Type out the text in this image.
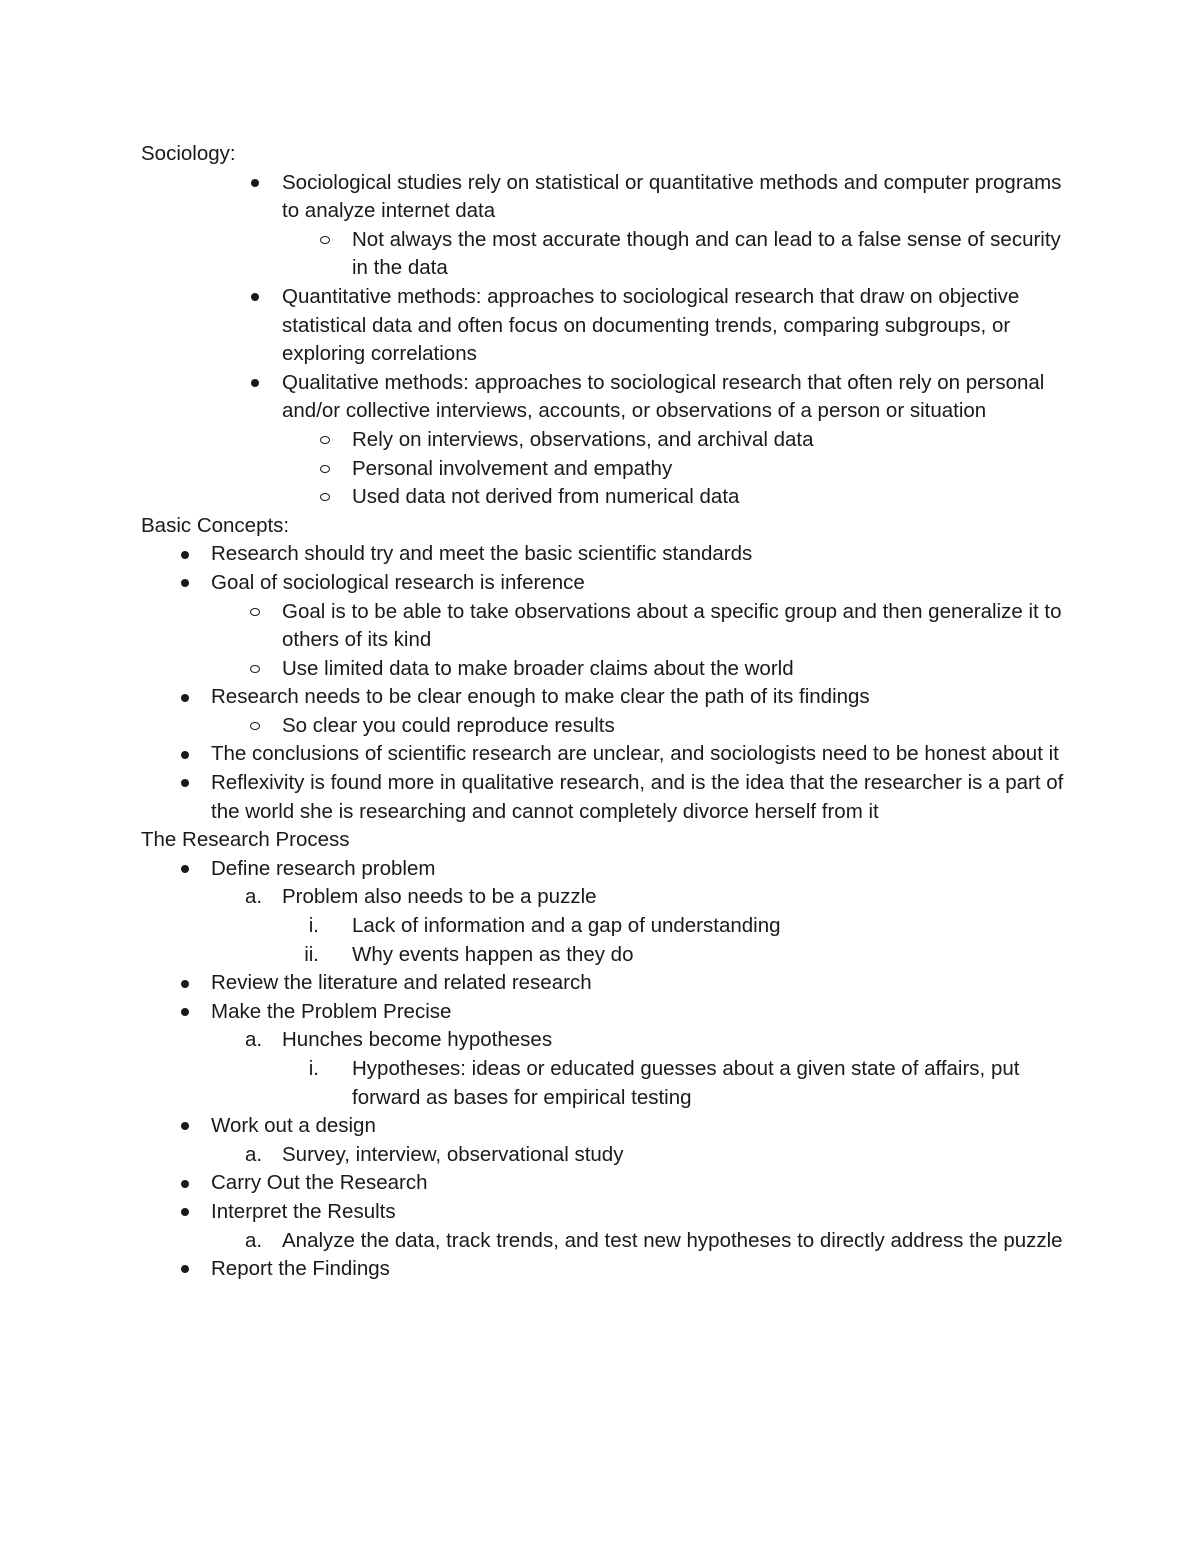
Sociology:

Sociological studies rely on statistical or quantitative methods and computer programs to analyze internet data
Not always the most accurate though and can lead to a false sense of security in the data
Quantitative methods: approaches to sociological research that draw on objective statistical data and often focus on documenting trends, comparing subgroups, or exploring correlations
Qualitative methods: approaches to sociological research that often rely on personal and/or collective interviews, accounts, or observations of a person or situation
Rely on interviews, observations, and archival data
Personal involvement and empathy
Used data not derived from numerical data

Basic Concepts:

Research should try and meet the basic scientific standards
Goal of sociological research is inference
Goal is to be able to take observations about a specific group and then generalize it to others of its kind
Use limited data to make broader claims about the world
Research needs to be clear enough to make clear the path of its findings
So clear you could reproduce results
The conclusions of scientific research are unclear, and sociologists need to be honest about it
Reflexivity is found more in qualitative research, and is the idea that the researcher is a part of the world she is researching and cannot completely divorce herself from it

The Research Process

Define research problem
a. Problem also needs to be a puzzle
i. Lack of information and a gap of understanding
ii. Why events happen as they do
Review the literature and related research
Make the Problem Precise
a. Hunches become hypotheses
i. Hypotheses: ideas or educated guesses about a given state of affairs, put forward as bases for empirical testing
Work out a design
a. Survey, interview, observational study
Carry Out the Research
Interpret the Results
a. Analyze the data, track trends, and test new hypotheses to directly address the puzzle
Report the Findings
